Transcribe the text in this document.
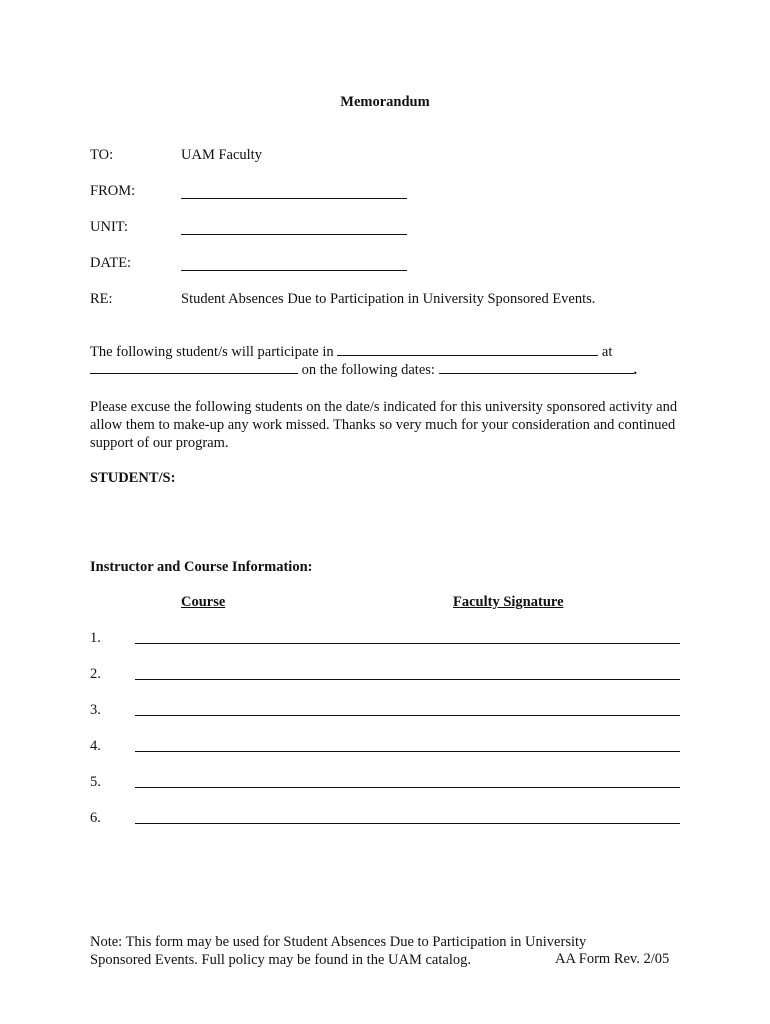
Memorandum
TO:	UAM Faculty
FROM:
UNIT:
DATE:
RE:	Student Absences Due to Participation in University Sponsored Events.
The following student/s will participate in	at
on the following dates:	.
Please excuse the following students on the date/s indicated for this university sponsored activity and allow them to make-up any work missed. Thanks so very much for your consideration and continued support of our program.
STUDENT/S:
Instructor and Course Information:
Course	Faculty Signature
1.
2.
3.
4.
5.
6.
Note: This form may be used for Student Absences Due to Participation in University
Sponsored Events. Full policy may be found in the UAM catalog.	AA Form Rev. 2/05
